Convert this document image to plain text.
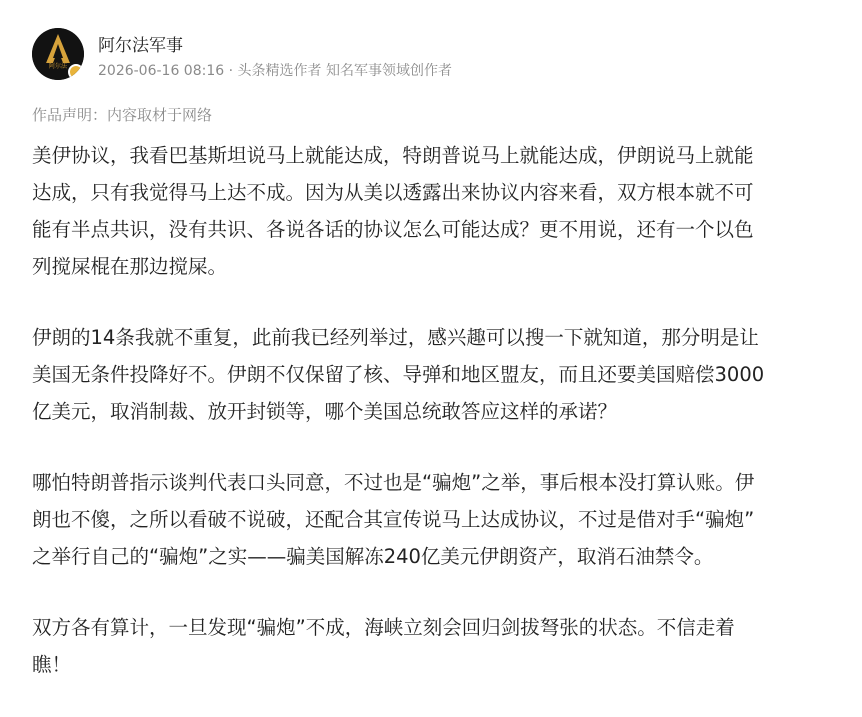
阿尔法
阿尔法军事
2026-06-16 08:16 · 头条精选作者 知名军事领域创作者
作品声明：内容取材于网络

美伊协议，我看巴基斯坦说马上就能达成，特朗普说马上就能达成，伊朗说马上就能
达成，只有我觉得马上达不成。因为从美以透露出来协议内容来看，双方根本就不可
能有半点共识，没有共识、各说各话的协议怎么可能达成？更不用说，还有一个以色
列搅屎棍在那边搅屎。

伊朗的14条我就不重复，此前我已经列举过，感兴趣可以搜一下就知道，那分明是让
美国无条件投降好不。伊朗不仅保留了核、导弹和地区盟友，而且还要美国赔偿3000
亿美元，取消制裁、放开封锁等，哪个美国总统敢答应这样的承诺？

哪怕特朗普指示谈判代表口头同意，不过也是“骗炮”之举，事后根本没打算认账。伊
朗也不傻，之所以看破不说破，还配合其宣传说马上达成协议，不过是借对手“骗炮”
之举行自己的“骗炮”之实——骗美国解冻240亿美元伊朗资产，取消石油禁令。

双方各有算计，一旦发现“骗炮”不成，海峡立刻会回归剑拔弩张的状态。不信走着
瞧！
